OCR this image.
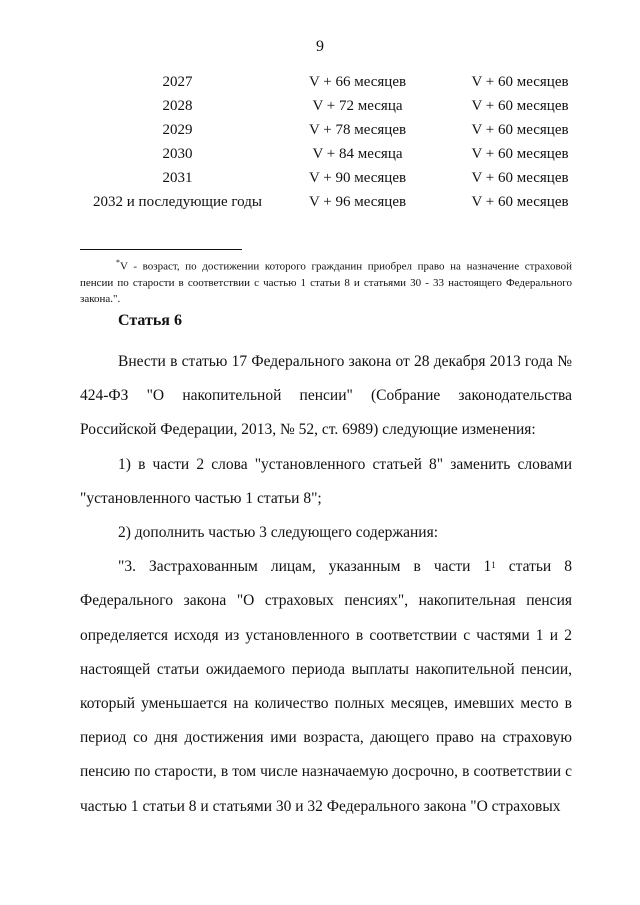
9
2027	V + 66 месяцев	V + 60 месяцев
2028	V + 72 месяца	V + 60 месяцев
2029	V + 78 месяцев	V + 60 месяцев
2030	V + 84 месяца	V + 60 месяцев
2031	V + 90 месяцев	V + 60 месяцев
2032 и последующие годы	V + 96 месяцев	V + 60 месяцев
*V - возраст, по достижении которого гражданин приобрел право на назначение страховой пенсии по старости в соответствии с частью 1 статьи 8 и статьями 30 - 33 настоящего Федерального закона.".
Статья 6

Внести в статью 17 Федерального закона от 28 декабря 2013 года № 424-ФЗ "О накопительной пенсии" (Собрание законодательства Российской Федерации, 2013, № 52, ст. 6989) следующие изменения:

1) в части 2 слова "установленного статьей 8" заменить словами "установленного частью 1 статьи 8";

2) дополнить частью 3 следующего содержания:

"3. Застрахованным лицам, указанным в части $1^1$ статьи 8 Федерального закона "О страховых пенсиях", накопительная пенсия определяется исходя из установленного в соответствии с частями 1 и 2 настоящей статьи ожидаемого периода выплаты накопительной пенсии, который уменьшается на количество полных месяцев, имевших место в период со дня достижения ими возраста, дающего право на страховую пенсию по старости, в том числе назначаемую досрочно, в соответствии с частью 1 статьи 8 и статьями 30 и 32 Федерального закона "О страховых
